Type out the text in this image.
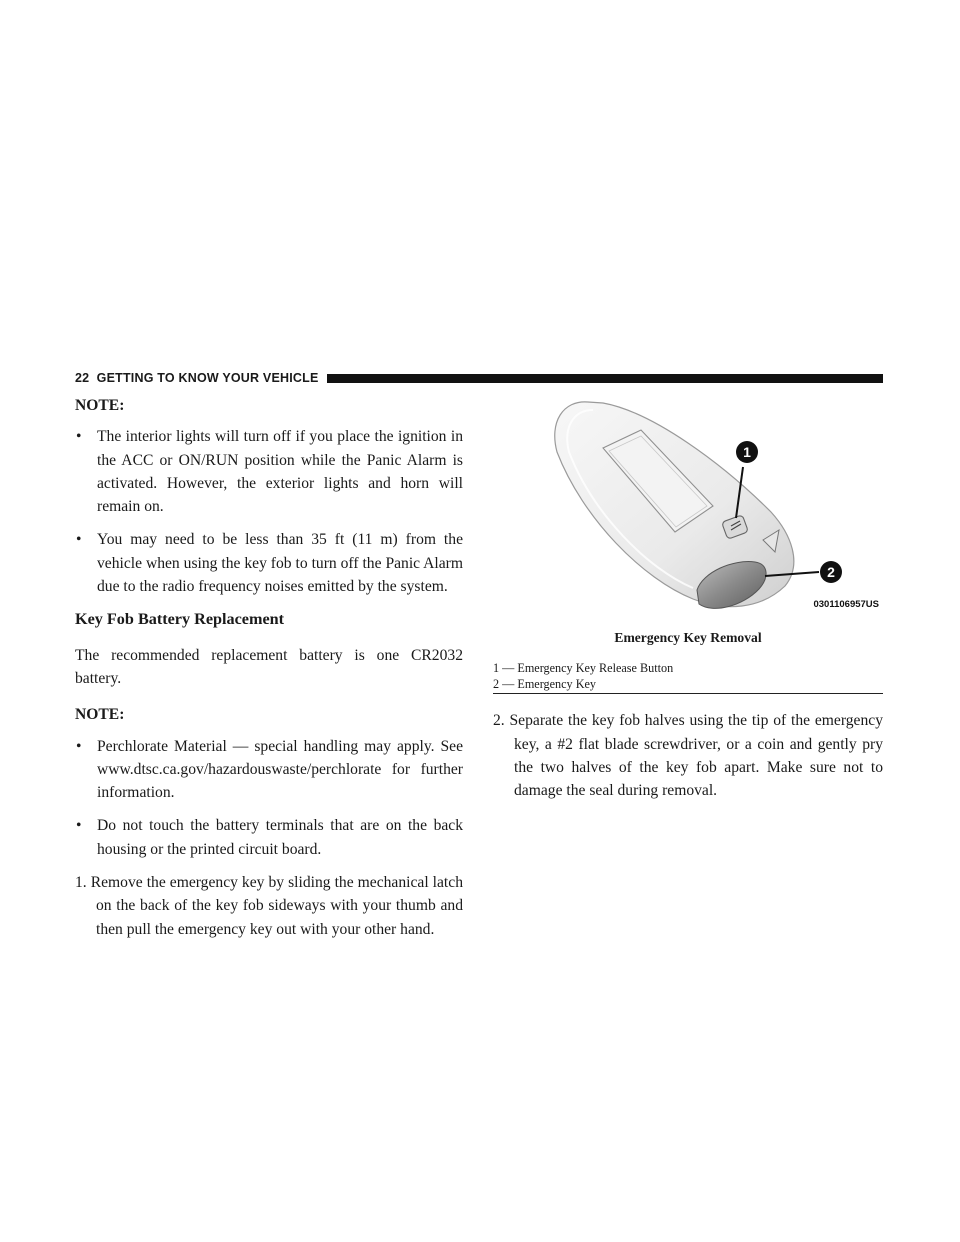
22 GETTING TO KNOW YOUR VEHICLE

NOTE:

• The interior lights will turn off if you place the ignition in the ACC or ON/RUN position while the Panic Alarm is activated. However, the exterior lights and horn will remain on.

• You may need to be less than 35 ft (11 m) from the vehicle when using the key fob to turn off the Panic Alarm due to the radio frequency noises emitted by the system.

Key Fob Battery Replacement

The recommended replacement battery is one CR2032 battery.

NOTE:

• Perchlorate Material — special handling may apply. See www.dtsc.ca.gov/hazardouswaste/perchlorate for further information.

• Do not touch the battery terminals that are on the back housing or the printed circuit board.

1. Remove the emergency key by sliding the mechanical latch on the back of the key fob sideways with your thumb and then pull the emergency key out with your other hand.

1
2
0301106957US

Emergency Key Removal

1 — Emergency Key Release Button
2 — Emergency Key

2. Separate the key fob halves using the tip of the emergency key, a #2 flat blade screwdriver, or a coin and gently pry the two halves of the key fob apart. Make sure not to damage the seal during removal.
